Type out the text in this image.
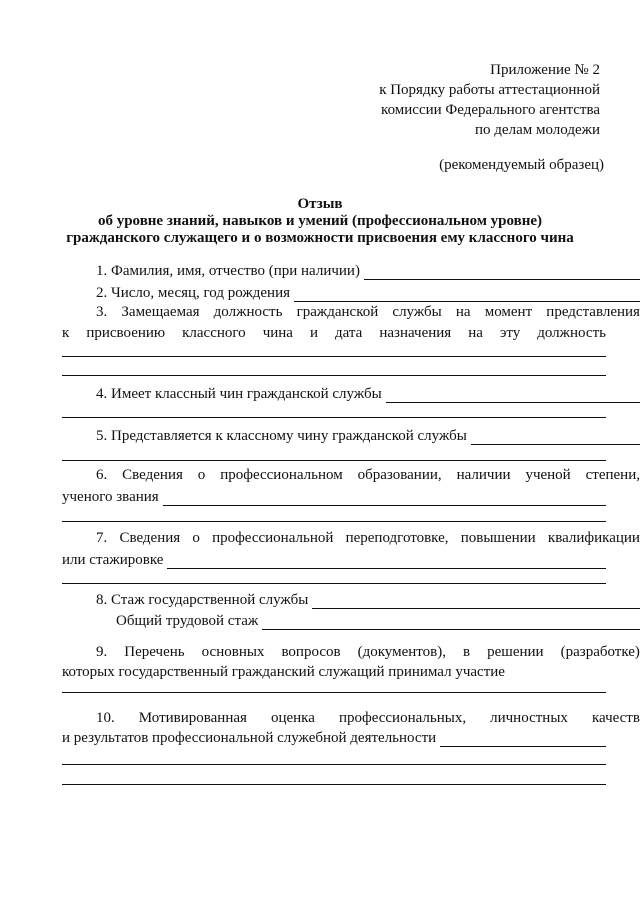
Приложение № 2
к Порядку работы аттестационной
комиссии Федерального агентства
по делам молодежи
(рекомендуемый образец)
Отзыв
об уровне знаний, навыков и умений (профессиональном уровне)
гражданского служащего и о возможности присвоения ему классного чина
1. Фамилия, имя, отчество (при наличии)
2. Число, месяц, год рождения
3. Замещаемая должность гражданской службы на момент представления
к присвоению классного чина и дата назначения на эту должность
4. Имеет классный чин гражданской службы
5. Представляется к классному чину гражданской службы
6. Сведения о профессиональном образовании, наличии ученой степени,
ученого звания
7. Сведения о профессиональной переподготовке, повышении квалификации
или стажировке
8. Стаж государственной службы
Общий трудовой стаж
9. Перечень основных вопросов (документов), в решении (разработке)
которых государственный гражданский служащий принимал участие
10. Мотивированная оценка профессиональных, личностных качеств
и результатов профессиональной служебной деятельности
